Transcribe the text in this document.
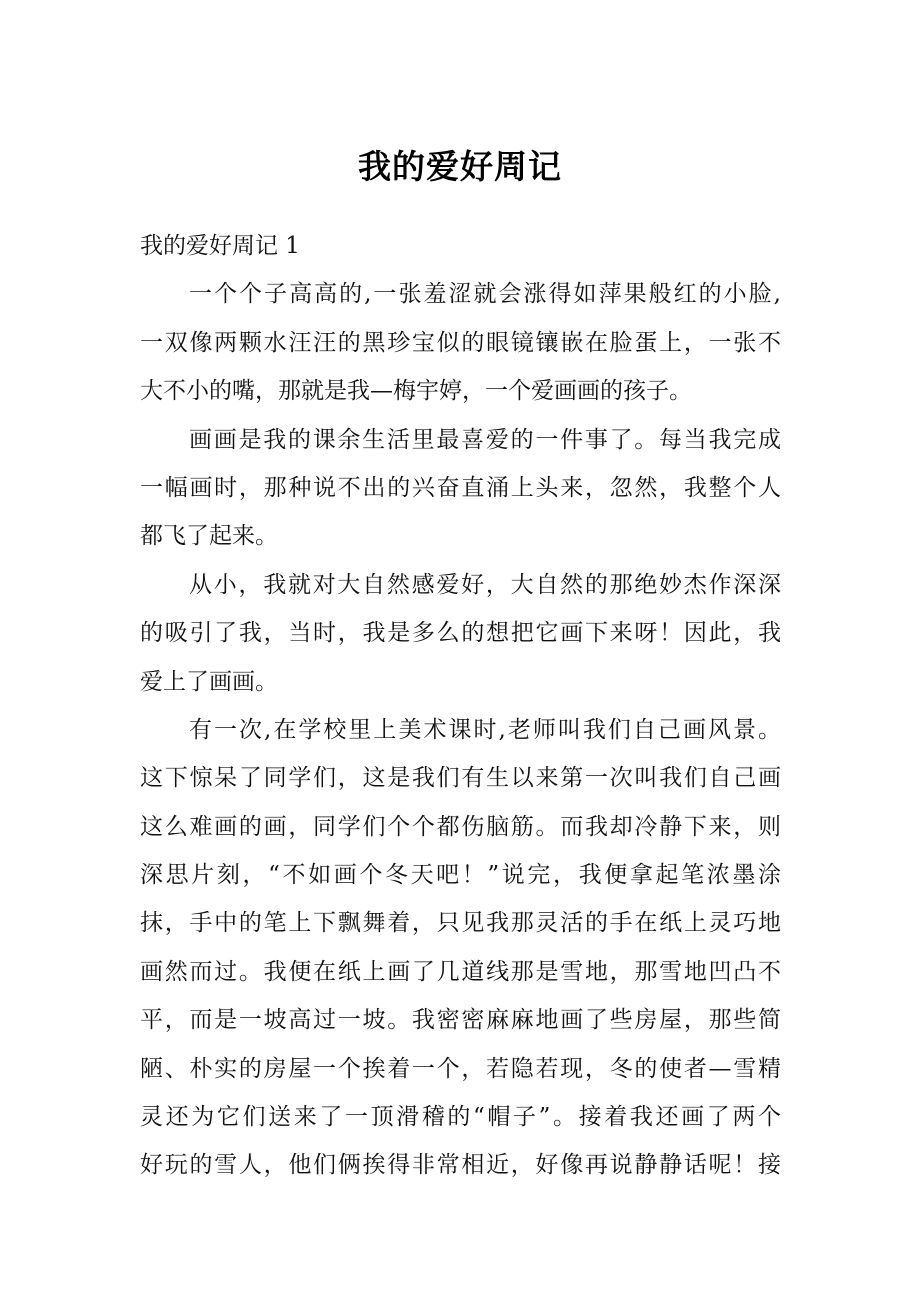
我的爱好周记
我的爱好周记 1
一个个子高高的,一张羞涩就会涨得如萍果般红的小脸,
一双像两颗水汪汪的黑珍宝似的眼镜镶嵌在脸蛋上，一张不
大不小的嘴，那就是我—梅宇婷，一个爱画画的孩子。
画画是我的课余生活里最喜爱的一件事了。每当我完成
一幅画时，那种说不出的兴奋直涌上头来，忽然，我整个人
都飞了起来。
从小，我就对大自然感爱好，大自然的那绝妙杰作深深
的吸引了我，当时，我是多么的想把它画下来呀！因此，我
爱上了画画。
有一次,在学校里上美术课时,老师叫我们自己画风景。
这下惊呆了同学们，这是我们有生以来第一次叫我们自己画
这么难画的画，同学们个个都伤脑筋。而我却冷静下来，则
深思片刻，“不如画个冬天吧！”说完，我便拿起笔浓墨涂
抹，手中的笔上下飘舞着，只见我那灵活的手在纸上灵巧地
画然而过。我便在纸上画了几道线那是雪地，那雪地凹凸不
平，而是一坡高过一坡。我密密麻麻地画了些房屋，那些简
陋、朴实的房屋一个挨着一个，若隐若现，冬的使者—雪精
灵还为它们送来了一顶滑稽的“帽子”。接着我还画了两个
好玩的雪人，他们俩挨得非常相近，好像再说静静话呢！接
